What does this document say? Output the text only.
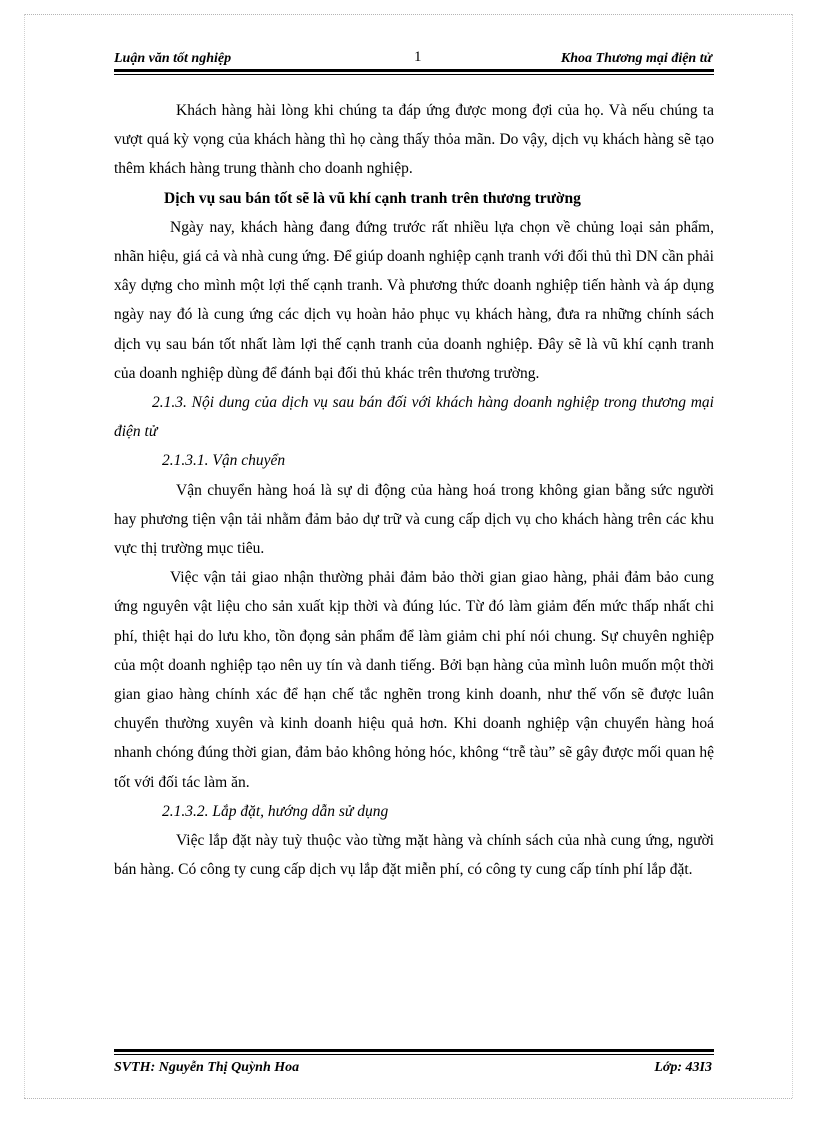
Luận văn tốt nghiệp	1	Khoa Thương mại điện tử

Khách hàng hài lòng khi chúng ta đáp ứng được mong đợi của họ. Và nếu chúng ta vượt quá kỳ vọng của khách hàng thì họ càng thấy thỏa mãn. Do vậy, dịch vụ khách hàng sẽ tạo thêm khách hàng trung thành cho doanh nghiệp.

Dịch vụ sau bán tốt sẽ là vũ khí cạnh tranh trên thương trường

Ngày nay, khách hàng đang đứng trước rất nhiều lựa chọn về chủng loại sản phẩm, nhãn hiệu, giá cả và nhà cung ứng. Để giúp doanh nghiệp cạnh tranh với đối thủ thì DN cần phải xây dựng cho mình một lợi thế cạnh tranh. Và phương thức doanh nghiệp tiến hành và áp dụng ngày nay đó là cung ứng các dịch vụ hoàn hảo phục vụ khách hàng, đưa ra những chính sách dịch vụ sau bán tốt nhất làm lợi thế cạnh tranh của doanh nghiệp. Đây sẽ là vũ khí cạnh tranh của doanh nghiệp dùng để đánh bại đối thủ khác trên thương trường.

2.1.3. Nội dung của dịch vụ sau bán đối với khách hàng doanh nghiệp trong thương mại điện tử

2.1.3.1. Vận chuyển

Vận chuyển hàng hoá là sự di động của hàng hoá trong không gian bằng sức người hay phương tiện vận tải nhằm đảm bảo dự trữ và cung cấp dịch vụ cho khách hàng trên các khu vực thị trường mục tiêu.

Việc vận tải giao nhận thường phải đảm bảo thời gian giao hàng, phải đảm bảo cung ứng nguyên vật liệu cho sản xuất kịp thời và đúng lúc. Từ đó làm giảm đến mức thấp nhất chi phí, thiệt hại do lưu kho, tồn đọng sản phẩm để làm giảm chi phí nói chung. Sự chuyên nghiệp của một doanh nghiệp tạo nên uy tín và danh tiếng. Bởi bạn hàng của mình luôn muốn một thời gian giao hàng chính xác để hạn chế tắc nghẽn trong kinh doanh, như thế vốn sẽ được luân chuyển thường xuyên và kinh doanh hiệu quả hơn. Khi doanh nghiệp vận chuyển hàng hoá nhanh chóng đúng thời gian, đảm bảo không hỏng hóc, không “trễ tàu” sẽ gây được mối quan hệ tốt với đối tác làm ăn.

2.1.3.2. Lắp đặt, hướng dẫn sử dụng

Việc lắp đặt này tuỳ thuộc vào từng mặt hàng và chính sách của nhà cung ứng, người bán hàng. Có công ty cung cấp dịch vụ lắp đặt miễn phí, có công ty cung cấp tính phí lắp đặt.

SVTH: Nguyễn Thị Quỳnh Hoa	Lớp: 43I3
